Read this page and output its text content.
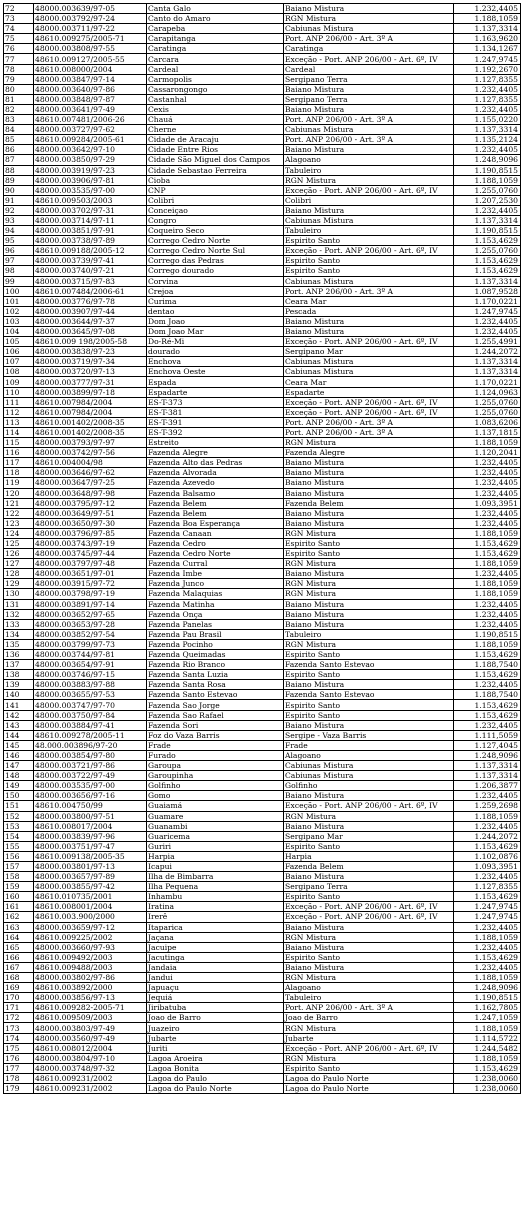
72	48000.003639/97-05	Canta Galo	Baiano Mistura	1.232,4405
73	48000.003792/97-24	Canto do Amaro	RGN Mistura	1.188,1059
74	48000.003711/97-22	Carapeba	Cabiunas Mistura	1.137,3314
75	48610.009275/2005-71	Carapitanga	Port. ANP 206/00 - Art. 3º A	1.163,9620
76	48000.003808/97-55	Caratinga	Caratinga	1.134,1267
77	48610.009127/2005-55	Carcara	Exceção - Port. ANP 206/00 - Art. 6º, IV	1.247,9745
78	48610.008000/2004	Cardeal	Cardeal	1.192,2670
79	48000.003847/97-14	Carmopolis	Sergipano Terra	1.127,8355
80	48000.003640/97-86	Cassarongongo	Baiano Mistura	1.232,4405
81	48000.003848/97-87	Castanhal	Sergipano Terra	1.127,8355
82	48000.003641/97-49	Cexis	Baiano Mistura	1.232,4405
83	48610.007481/2006-26	Chauá	Port. ANP 206/00 - Art. 3º A	1.155,0220
84	48000.003727/97-62	Cherne	Cabiunas Mistura	1.137,3314
85	48610.009284/2005-61	Cidade de Aracaju	Port. ANP 206/00 - Art. 3º A	1.135,2124
86	48000.003642/97-10	Cidade Entre Rios	Baiano Mistura	1.232,4405
87	48000.003850/97-29	Cidade São Miguel dos Campos	Alagoano	1.248,9096
88	48000.003919/97-23	Cidade Sebastao Ferreira	Tabuleiro	1.190,8515
89	48000.003906/97-81	Cioba	RGN Mistura	1.188,1059
90	48000.003535/97-00	CNP	Exceção - Port. ANP 206/00 - Art. 6º, IV	1.255,0760
91	48610.009503/2003	Colibri	Colibri	1.207,2530
92	48000.003702/97-31	Conceiçao	Baiano Mistura	1.232,4405
93	48000.003714/97-11	Congro	Cabiunas Mistura	1.137,3314
94	48000.003851/97-91	Coqueiro Seco	Tabuleiro	1.190,8515
95	48000.003738/97-89	Corrego Cedro Norte	Espirito Santo	1.153,4629
96	48610.009188/2005-12	Corrego Cedro Norte Sul	Exceção - Port. ANP 206/00 - Art. 6º, IV	1.255,0760
97	48000.003739/97-41	Corrego das Pedras	Espirito Santo	1.153,4629
98	48000.003740/97-21	Corrego dourado	Espirito Santo	1.153,4629
99	48000.003715/97-83	Corvina	Cabiunas Mistura	1.137,3314
100	48610.007484/2006-61	Crejoa	Port. ANP 206/00 - Art. 3º A	1.087,9528
101	48000.003776/97-78	Curima	Ceara Mar	1.170,0221
102	48000.003907/97-44	dentao	Pescada	1.247,9745
103	48000.003644/97-37	Dom Joao	Baiano Mistura	1.232,4405
104	48000.003645/97-08	Dom Joao Mar	Baiano Mistura	1.232,4405
105	48610.009 198/2005-58	Do-Ré-Mi	Exceção - Port. ANP 206/00 - Art. 6º, IV	1.255,4991
106	48000.003838/97-23	dourado	Sergipano Mar	1.244,2072
107	48000.003719/97-34	Enchova	Cabiunas Mistura	1.137,3314
108	48000.003720/97-13	Enchova Oeste	Cabiunas Mistura	1.137,3314
109	48000.003777/97-31	Espada	Ceara Mar	1.170,0221
110	48000.003899/97-18	Espadarte	Espadarte	1.124,0963
111	48610.007984/2004	ES-T-373	Exceção - Port. ANP 206/00 - Art. 6º, IV	1.255,0760
112	48610.007984/2004	ES-T-381	Exceção - Port. ANP 206/00 - Art. 6º, IV	1.255,0760
113	48610.001402/2008-35	ES-T-391	Port. ANP 206/00 - Art. 3º A	1.083,6206
114	48610.001402/2008-35	ES-T-392	Port. ANP 206/00 - Art. 3º A	1.137,1815
115	48000.003793/97-97	Estreito	RGN Mistura	1.188,1059
116	48000.003742/97-56	Fazenda Alegre	Fazenda Alegre	1.120,2041
117	48610.004004/98	Fazenda Alto das Pedras	Baiano Mistura	1.232,4405
118	48000.003646/97-62	Fazenda Alvorada	Baiano Mistura	1.232,4405
119	48000.003647/97-25	Fazenda Azevedo	Baiano Mistura	1.232,4405
120	48000.003648/97-98	Fazenda Balsamo	Baiano Mistura	1.232,4405
121	48000.003795/97-12	Fazenda Belem	Fazenda Belem	1.093,3951
122	48000.003649/97-51	Fazenda Belem	Baiano Mistura	1.232,4405
123	48000.003650/97-30	Fazenda Boa Esperança	Baiano Mistura	1.232,4405
124	48000.003796/97-85	Fazenda Canaan	RGN Mistura	1.188,1059
125	48000.003743/97-19	Fazenda Cedro	Espirito Santo	1.153,4629
126	48000.003745/97-44	Fazenda Cedro Norte	Espirito Santo	1.153,4629
127	48000.003797/97-48	Fazenda Curral	RGN Mistura	1.188,1059
128	48000.003651/97-01	Fazenda Imbe	Baiano Mistura	1.232,4405
129	48000.003915/97-72	Fazenda Junco	RGN Mistura	1.188,1059
130	48000.003798/97-19	Fazenda Malaquias	RGN Mistura	1.188,1059
131	48000.003891/97-14	Fazenda Matinha	Baiano Mistura	1.232,4405
132	48000.003652/97-65	Fazenda Onça	Baiano Mistura	1.232,4405
133	48000.003653/97-28	Fazenda Panelas	Baiano Mistura	1.232,4405
134	48000.003852/97-54	Fazenda Pau Brasil	Tabuleiro	1.190,8515
135	48000.003799/97-73	Fazenda Pocinho	RGN Mistura	1.188,1059
136	48000.003744/97-81	Fazenda Queimadas	Espirito Santo	1.153,4629
137	48000.003654/97-91	Fazenda Rio Branco	Fazenda Santo Estevao	1.188,7540
138	48000.003746/97-15	Fazenda Santa Luzia	Espirito Santo	1.153,4629
139	48000.003883/97-88	Fazenda Santa Rosa	Baiano Mistura	1.232,4405
140	48000.003655/97-53	Fazenda Santo Estevao	Fazenda Santo Estevao	1.188,7540
141	48000.003747/97-70	Fazenda Sao Jorge	Espirito Santo	1.153,4629
142	48000.003750/97-84	Fazenda Sao Rafael	Espirito Santo	1.153,4629
143	48000.003884/97-41	Fazenda Sori	Baiano Mistura	1.232,4405
144	48610.009278/2005-11	Foz do Vaza Barris	Sergipe - Vaza Barris	1.111,5059
145	48.000.003896/97-20	Frade	Frade	1.127,4045
146	48000.003854/97-80	Furado	Alagoano	1.248,9096
147	48000.003721/97-86	Garoupa	Cabiunas Mistura	1.137,3314
148	48000.003722/97-49	Garoupinha	Cabiunas Mistura	1.137,3314
149	48000.003535/97-00	Golfinho	Golfinho	1.206,3877
150	48000.003656/97-16	Gomo	Baiano Mistura	1.232,4405
151	48610.004750/99	Guaiamá	Exceção - Port. ANP 206/00 - Art. 6º, IV	1.259,2698
152	48000.003800/97-51	Guamare	RGN Mistura	1.188,1059
153	48610.008017/2004	Guanambi	Baiano Mistura	1.232,4405
154	48000.003839/97-96	Guaricema	Sergipano Mar	1.244,2072
155	48000.003751/97-47	Guriri	Espirito Santo	1.153,4629
156	48610.009138/2005-35	Harpia	Harpia	1.102,0876
157	48000.003801/97-13	Icapui	Fazenda Belem	1.093,3951
158	48000.003657/97-89	Ilha de Bimbarra	Baiano Mistura	1.232,4405
159	48000.003855/97-42	Ilha Pequena	Sergipano Terra	1.127,8355
160	48610.010735/2001	Inhambu	Espirito Santo	1.153,4629
161	48610.008001/2004	Iratina	Exceção - Port. ANP 206/00 - Art. 6º, IV	1.247,9745
162	48610.003.900/2000	Irerê	Exceção - Port. ANP 206/00 - Art. 6º, IV	1.247,9745
163	48000.003659/97-12	Itaparica	Baiano Mistura	1.232,4405
164	48610.009225/2002	Jaçana	RGN Mistura	1.188,1059
165	48000.003660/97-93	Jacuipe	Baiano Mistura	1.232,4405
166	48610.009492/2003	Jacutinga	Espirito Santo	1.153,4629
167	48610.009488/2003	Jandaia	Baiano Mistura	1.232,4405
168	48000.003802/97-86	Jandui	RGN Mistura	1.188,1059
169	48610.003892/2000	Japuaçu	Alagoano	1.248,9096
170	48000.003856/97-13	Jequiá	Tabuleiro	1.190,8515
171	48610.009282-2005-71	Jiribatuba	Port. ANP 206/00 - Art. 3º A	1.162,7805
172	48610.009509/2003	Joao de Barro	Joao de Barro	1.247,1059
173	48000.003803/97-49	Juazeiro	RGN Mistura	1.188,1059
174	48000.003560/97-49	Jubarte	Jubarte	1.114,5722
175	48610.008012/2004	Juriti	Exceção - Port. ANP 206/00 - Art. 6º, IV	1.244,5482
176	48000.003804/97-10	Lagoa Aroeira	RGN Mistura	1.188,1059
177	48000.003748/97-32	Lagoa Bonita	Espirito Santo	1.153,4629
178	48610.009231/2002	Lagoa do Paulo	Lagoa do Paulo Norte	1.238,0060
179	48610.009231/2002	Lagoa do Paulo Norte	Lagoa do Paulo Norte	1.238,0060
